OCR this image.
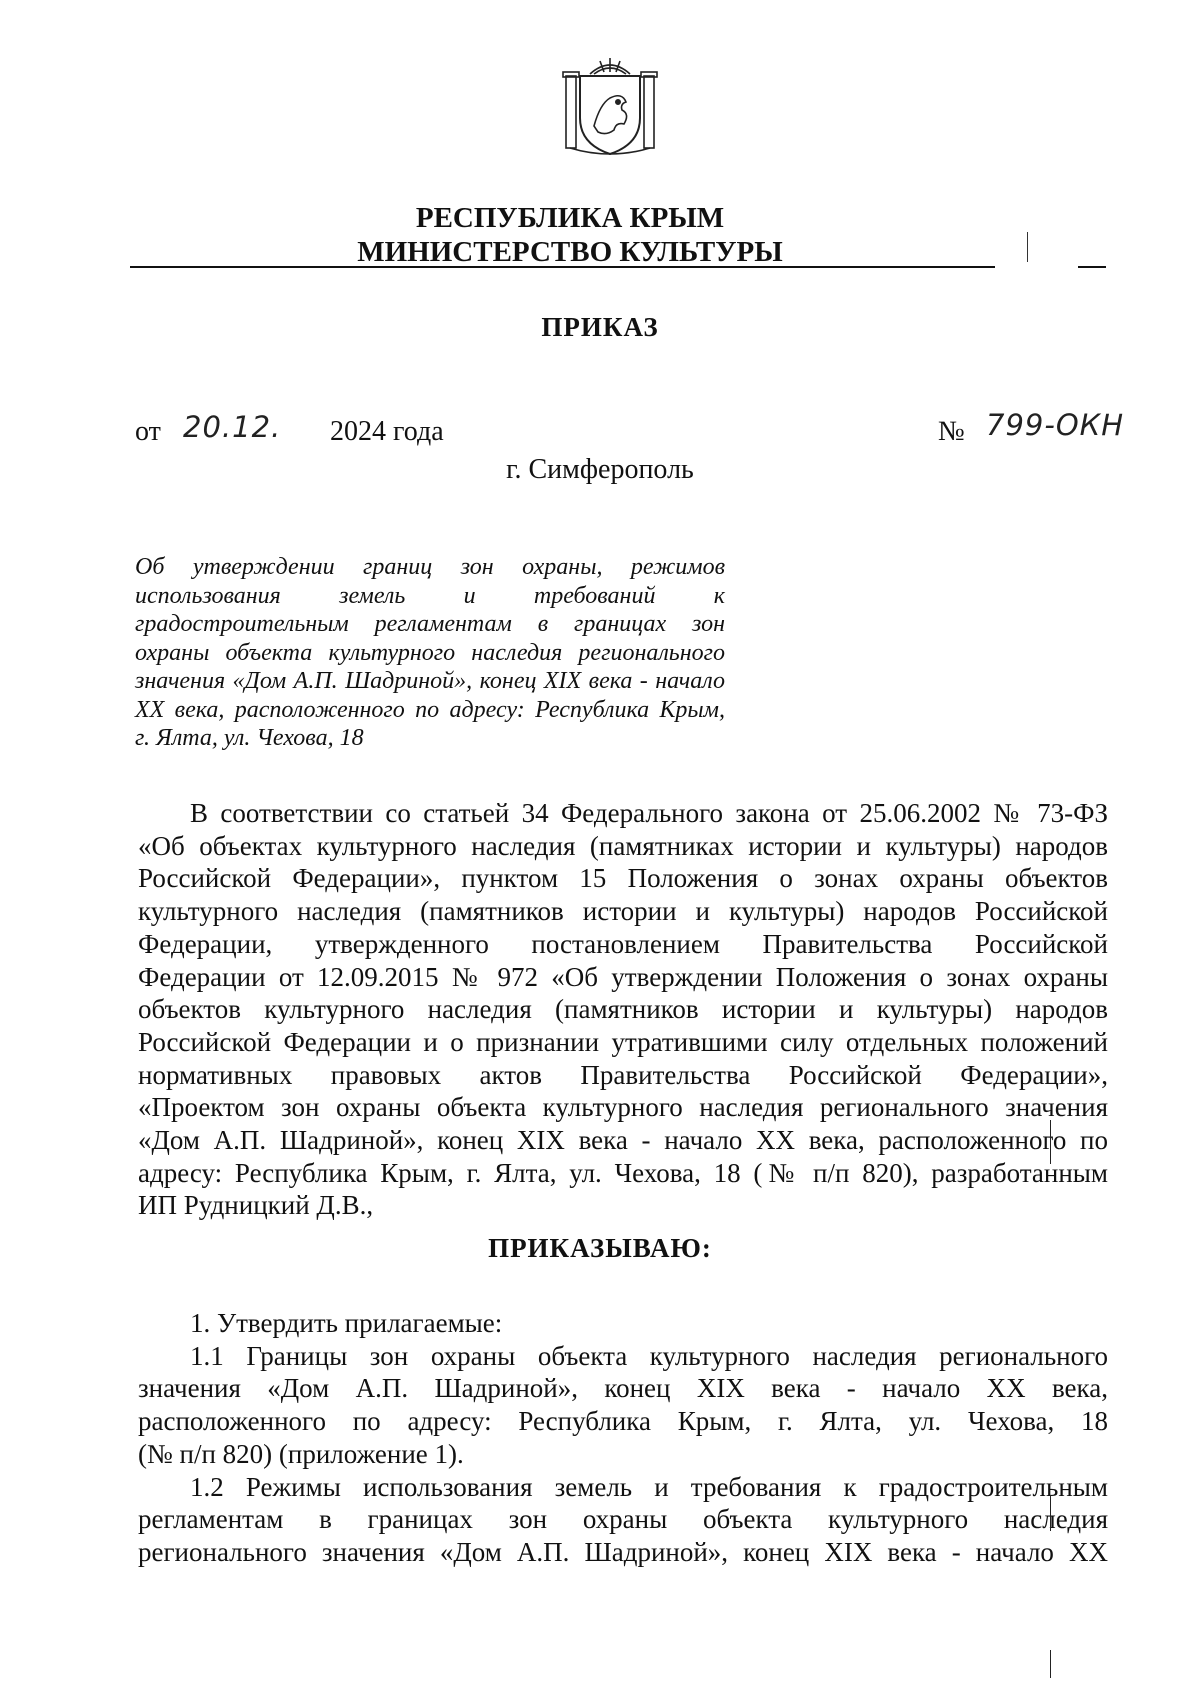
РЕСПУБЛИКА КРЫМ
МИНИСТЕРСТВО КУЛЬТУРЫ
ПРИКАЗ
от 20.12. 2024 года	№ 799-ОКН
г. Симферополь
Об утверждении границ зон охраны, режимов
использования земель и требований к
градостроительным регламентам в границах зон
охраны объекта культурного наследия регионального
значения «Дом А.П. Шадриной», конец XIX века - начало
XX века, расположенного по адресу: Республика Крым,
г. Ялта, ул. Чехова, 18
В соответствии со статьей 34 Федерального закона от 25.06.2002 № 73-ФЗ
«Об объектах культурного наследия (памятниках истории и культуры) народов
Российской Федерации», пунктом 15 Положения о зонах охраны объектов
культурного наследия (памятников истории и культуры) народов Российской
Федерации, утвержденного постановлением Правительства Российской
Федерации от 12.09.2015 № 972 «Об утверждении Положения о зонах охраны
объектов культурного наследия (памятников истории и культуры) народов
Российской Федерации и о признании утратившими силу отдельных положений
нормативных правовых актов Правительства Российской Федерации»,
«Проектом зон охраны объекта культурного наследия регионального значения
«Дом А.П. Шадриной», конец XIX века - начало XX века, расположенного по
адресу: Республика Крым, г. Ялта, ул. Чехова, 18 (№ п/п 820), разработанным
ИП Рудницкий Д.В.,
ПРИКАЗЫВАЮ:
1. Утвердить прилагаемые:
1.1 Границы зон охраны объекта культурного наследия регионального
значения «Дом А.П. Шадриной», конец XIX века - начало XX века,
расположенного по адресу: Республика Крым, г. Ялта, ул. Чехова, 18
(№ п/п 820) (приложение 1).
1.2 Режимы использования земель и требования к градостроительным
регламентам в границах зон охраны объекта культурного наследия
регионального значения «Дом А.П. Шадриной», конец XIX века - начало XX
